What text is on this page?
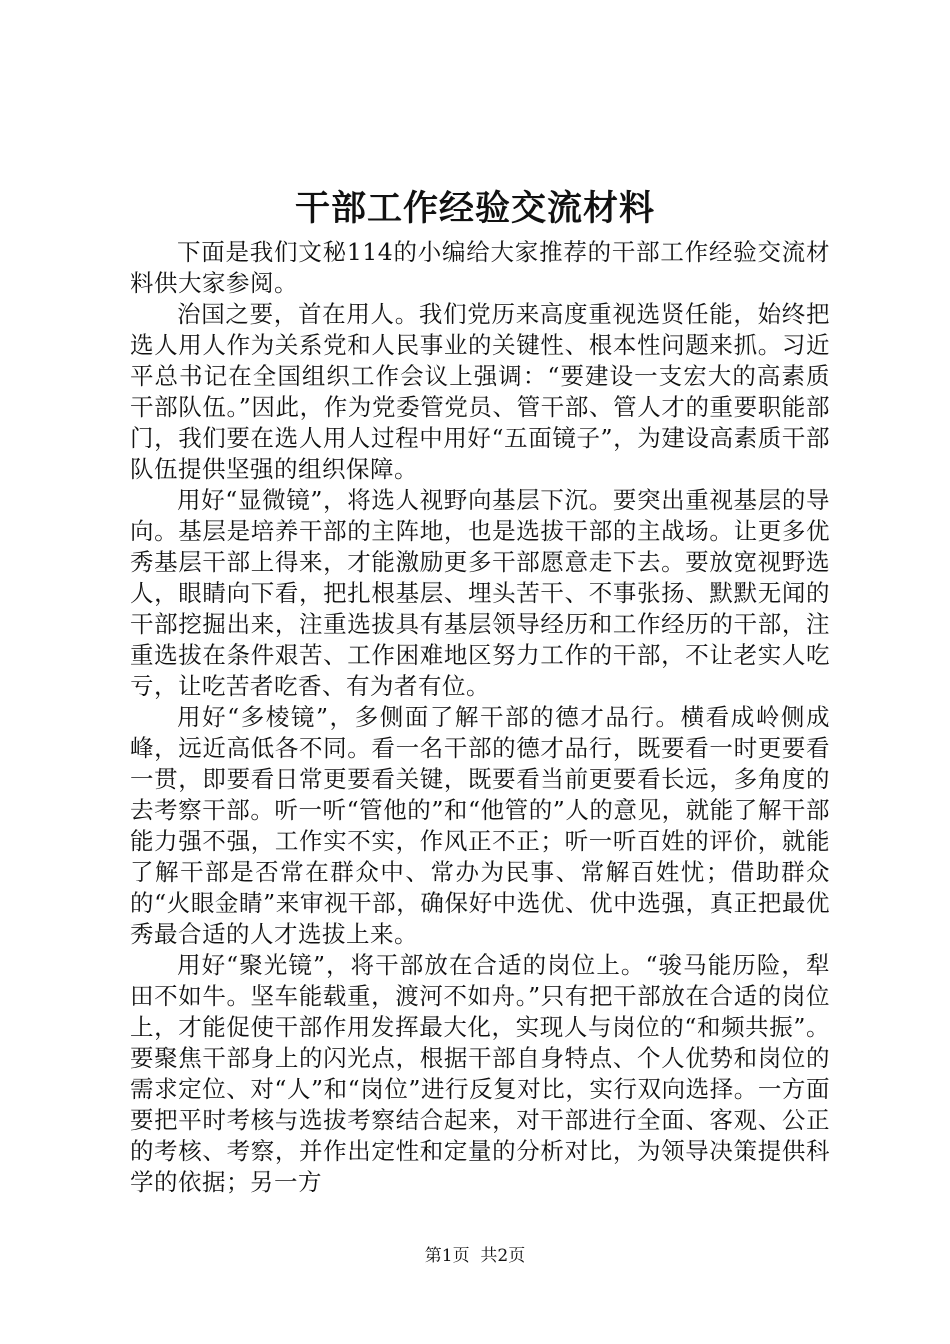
干部工作经验交流材料

下面是我们文秘114的小编给大家推荐的干部工作经验交流材料供大家参阅。

治国之要，首在用人。我们党历来高度重视选贤任能，始终把选人用人作为关系党和人民事业的关键性、根本性问题来抓。习近平总书记在全国组织工作会议上强调：“要建设一支宏大的高素质干部队伍。”因此，作为党委管党员、管干部、管人才的重要职能部门，我们要在选人用人过程中用好“五面镜子”，为建设高素质干部队伍提供坚强的组织保障。

用好“显微镜”，将选人视野向基层下沉。要突出重视基层的导向。基层是培养干部的主阵地，也是选拔干部的主战场。让更多优秀基层干部上得来，才能激励更多干部愿意走下去。要放宽视野选人，眼睛向下看，把扎根基层、埋头苦干、不事张扬、默默无闻的干部挖掘出来，注重选拔具有基层领导经历和工作经历的干部，注重选拔在条件艰苦、工作困难地区努力工作的干部，不让老实人吃亏，让吃苦者吃香、有为者有位。

用好“多棱镜”，多侧面了解干部的德才品行。横看成岭侧成峰，远近高低各不同。看一名干部的德才品行，既要看一时更要看一贯，即要看日常更要看关键，既要看当前更要看长远，多角度的去考察干部。听一听“管他的”和“他管的”人的意见，就能了解干部能力强不强，工作实不实，作风正不正；听一听百姓的评价，就能了解干部是否常在群众中、常办为民事、常解百姓忧；借助群众的“火眼金睛”来审视干部，确保好中选优、优中选强，真正把最优秀最合适的人才选拔上来。

用好“聚光镜”，将干部放在合适的岗位上。“骏马能历险，犁田不如牛。坚车能载重，渡河不如舟。”只有把干部放在合适的岗位上，才能促使干部作用发挥最大化，实现人与岗位的“和频共振”。要聚焦干部身上的闪光点，根据干部自身特点、个人优势和岗位的需求定位、对“人”和“岗位”进行反复对比，实行双向选择。一方面要把平时考核与选拔考察结合起来，对干部进行全面、客观、公正的考核、考察，并作出定性和定量的分析对比，为领导决策提供科学的依据；另一方

第1页 共2页
